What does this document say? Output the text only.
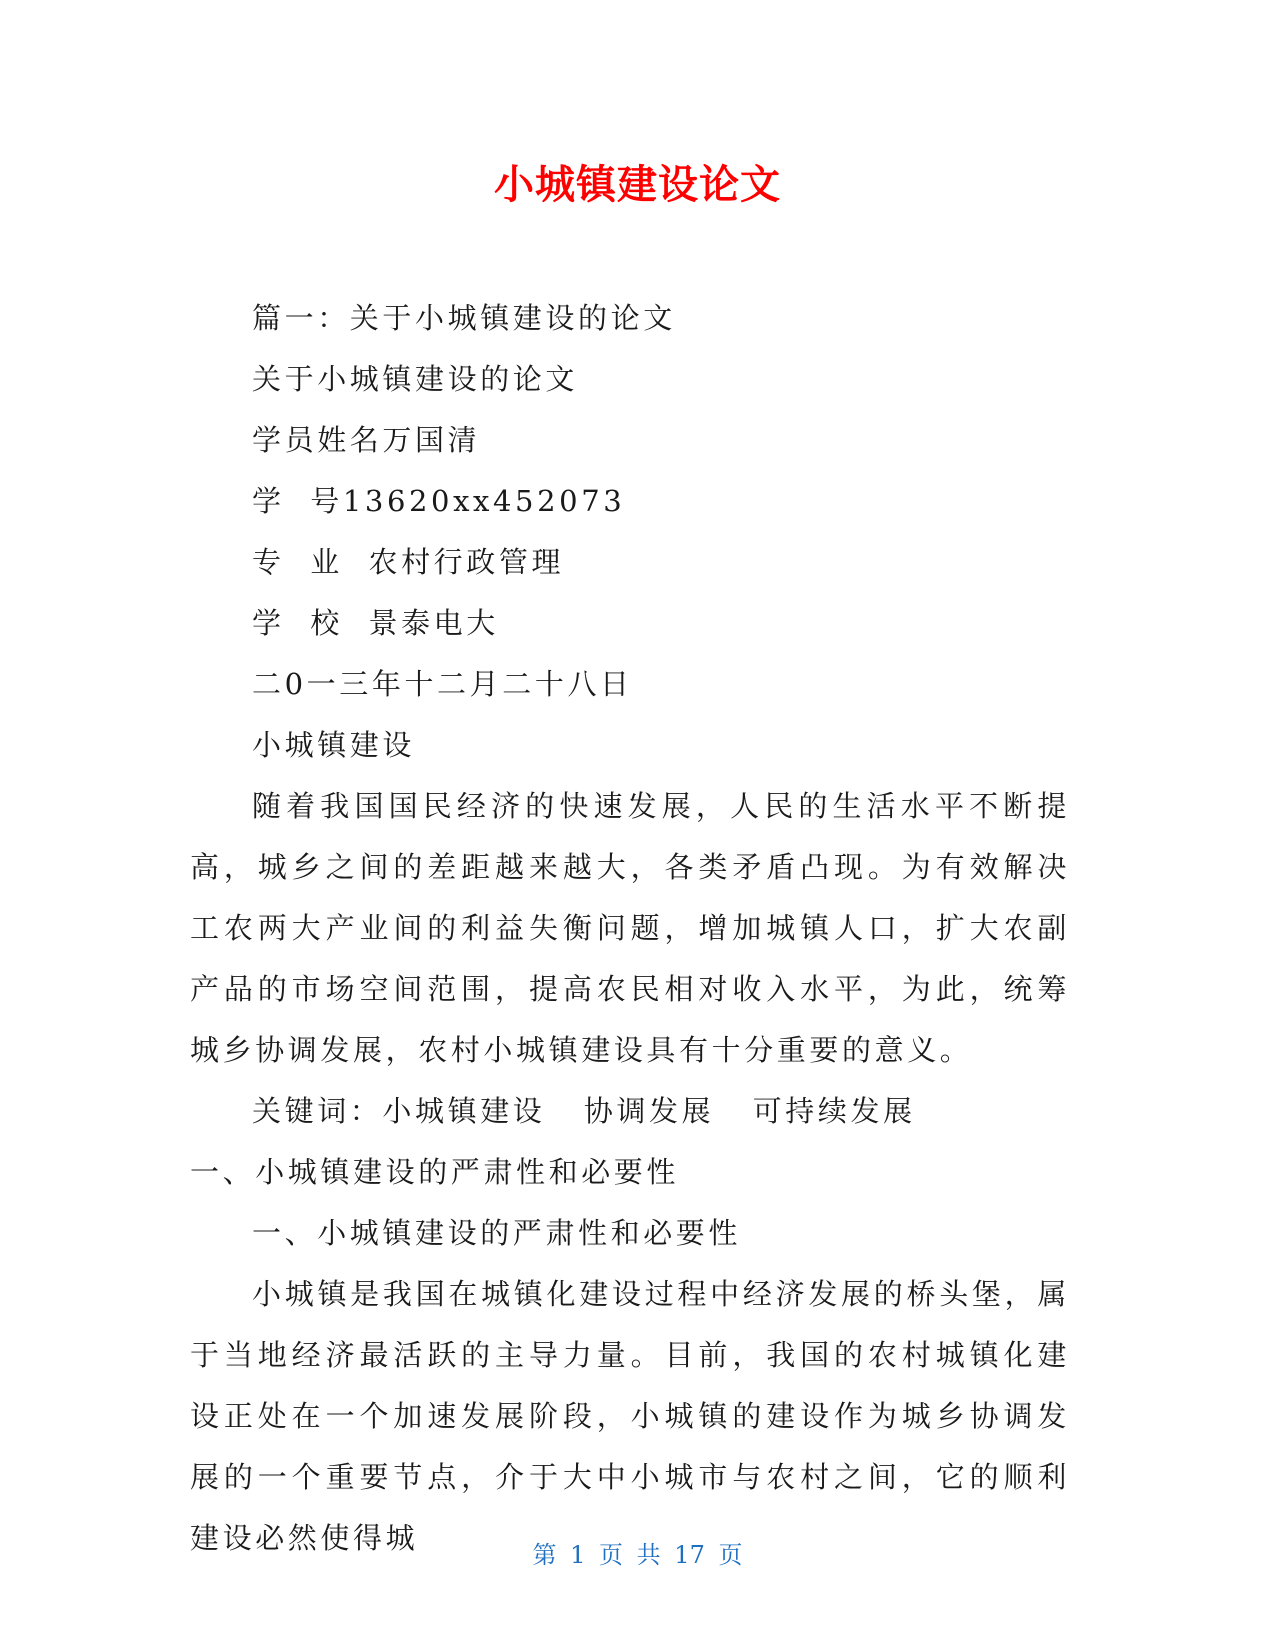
小城镇建设论文
篇一：关于小城镇建设的论文
关于小城镇建设的论文
学员姓名万国清
学  号13620xx452073
专  业  农村行政管理
学  校  景泰电大
二0一三年十二月二十八日
小城镇建设

随着我国国民经济的快速发展，人民的生活水平不断提高，城乡之间的差距越来越大，各类矛盾凸现。为有效解决工农两大产业间的利益失衡问题，增加城镇人口，扩大农副产品的市场空间范围，提高农民相对收入水平，为此，统筹城乡协调发展，农村小城镇建设具有十分重要的意义。

关键词：小城镇建设   协调发展   可持续发展
一、小城镇建设的严肃性和必要性
一、小城镇建设的严肃性和必要性

小城镇是我国在城镇化建设过程中经济发展的桥头堡，属于当地经济最活跃的主导力量。目前，我国的农村城镇化建设正处在一个加速发展阶段，小城镇的建设作为城乡协调发展的一个重要节点，介于大中小城市与农村之间，它的顺利建设必然使得城	第 1 页 共 17 页
